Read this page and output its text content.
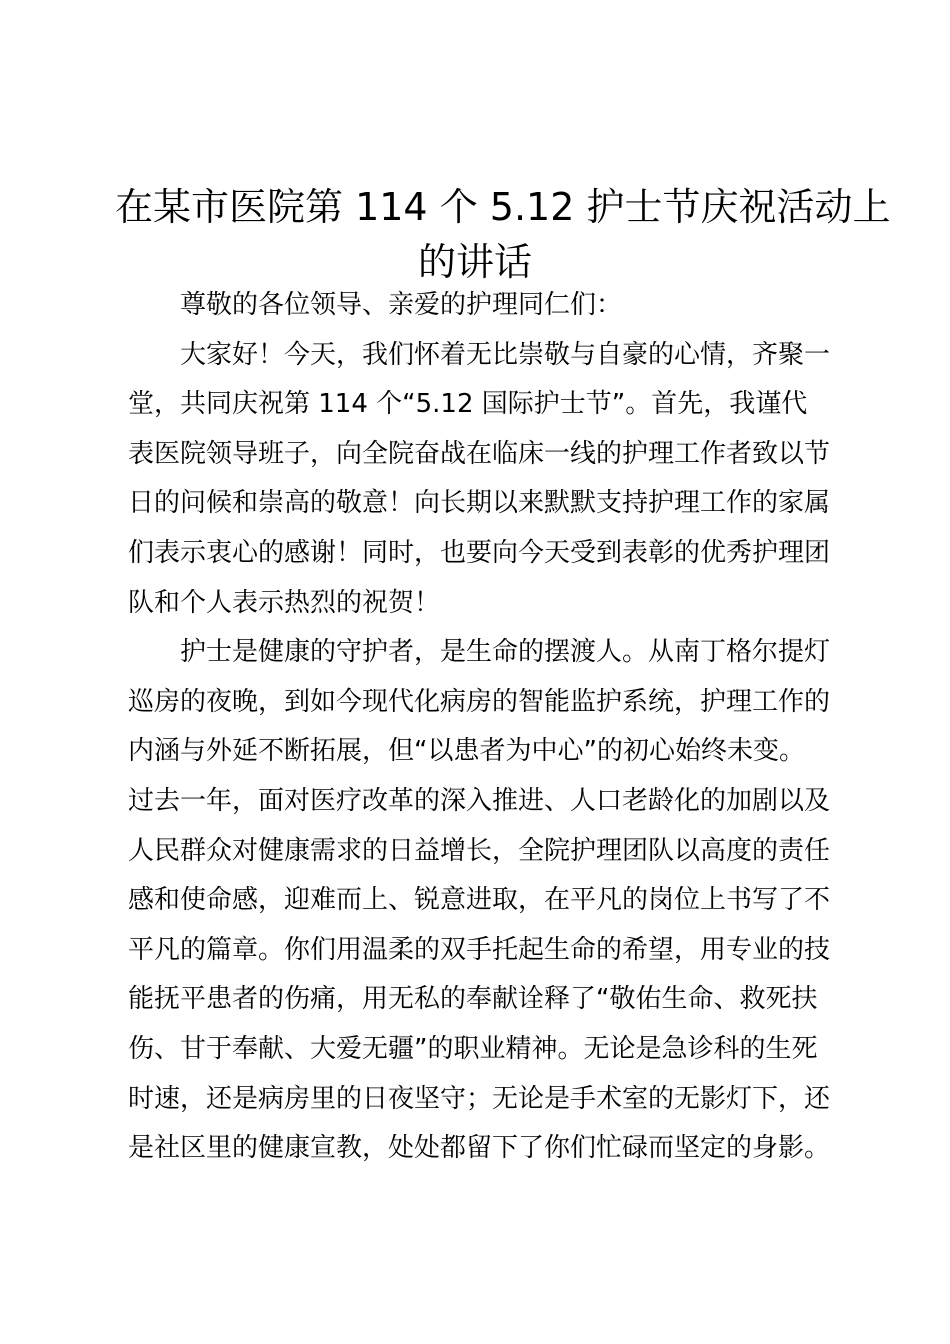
在某市医院第 114 个 5.12 护士节庆祝活动上
的讲话
尊敬的各位领导、亲爱的护理同仁们：
大家好！今天，我们怀着无比崇敬与自豪的心情，齐聚一
堂，共同庆祝第 114 个“5.12 国际护士节”。首先，我谨代
表医院领导班子，向全院奋战在临床一线的护理工作者致以节
日的问候和崇高的敬意！向长期以来默默支持护理工作的家属
们表示衷心的感谢！同时，也要向今天受到表彰的优秀护理团
队和个人表示热烈的祝贺！
护士是健康的守护者，是生命的摆渡人。从南丁格尔提灯
巡房的夜晚，到如今现代化病房的智能监护系统，护理工作的
内涵与外延不断拓展，但“以患者为中心”的初心始终未变。
过去一年，面对医疗改革的深入推进、人口老龄化的加剧以及
人民群众对健康需求的日益增长，全院护理团队以高度的责任
感和使命感，迎难而上、锐意进取，在平凡的岗位上书写了不
平凡的篇章。你们用温柔的双手托起生命的希望，用专业的技
能抚平患者的伤痛，用无私的奉献诠释了“敬佑生命、救死扶
伤、甘于奉献、大爱无疆”的职业精神。无论是急诊科的生死
时速，还是病房里的日夜坚守；无论是手术室的无影灯下，还
是社区里的健康宣教，处处都留下了你们忙碌而坚定的身影。
